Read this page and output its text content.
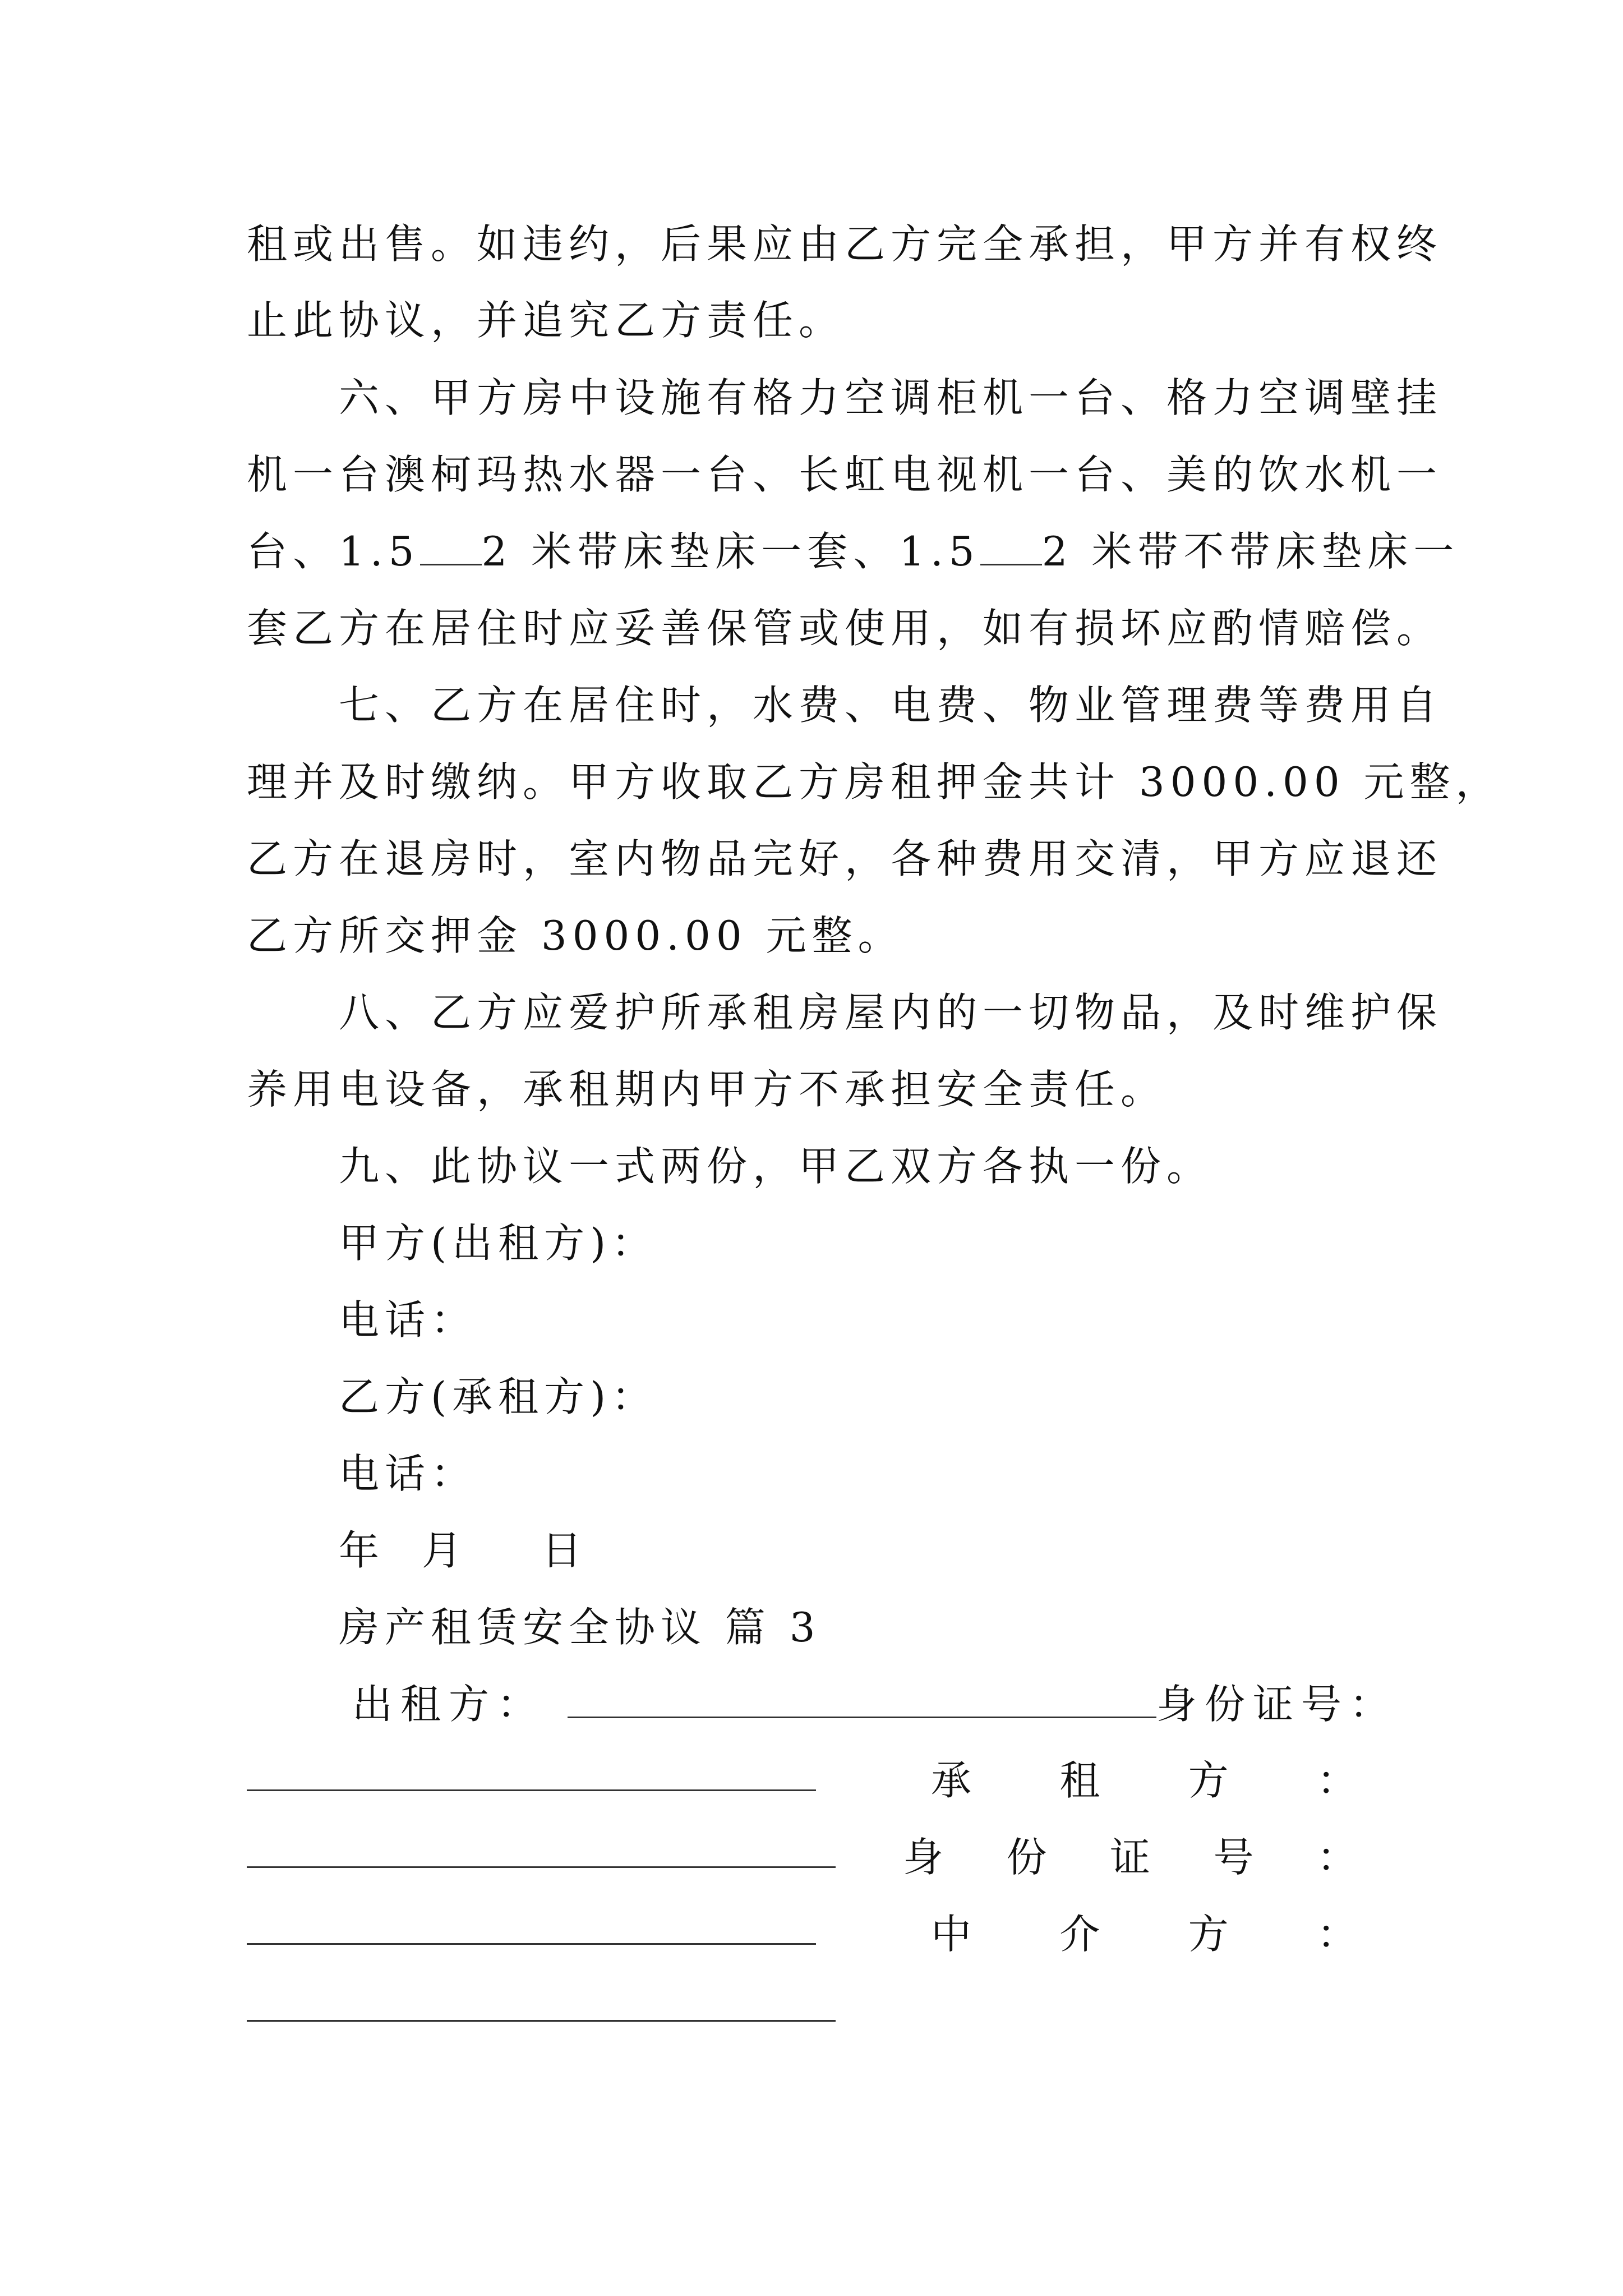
租或出售。如违约，后果应由乙方完全承担，甲方并有权终
止此协议，并追究乙方责任。
六、甲方房中设施有格力空调柜机一台、格力空调壁挂
机一台澳柯玛热水器一台、长虹电视机一台、美的饮水机一
台、1.5 2 米带床垫床一套、1.5 2 米带不带床垫床一
套乙方在居住时应妥善保管或使用，如有损坏应酌情赔偿。
七、乙方在居住时，水费、电费、物业管理费等费用自
理并及时缴纳。甲方收取乙方房租押金共计 3000.00 元整，
乙方在退房时，室内物品完好，各种费用交清，甲方应退还
乙方所交押金 3000.00 元整。
八、乙方应爱护所承租房屋内的一切物品，及时维护保
养用电设备，承租期内甲方不承担安全责任。
九、此协议一式两份，甲乙双方各执一份。
甲方(出租方)：
电话：
乙方(承租方)：
电话：
年  月    日
房产租赁安全协议 篇 3
出租方：	身份证号：
承 租 方 ：
身 份 证 号 ：
中 介 方 ：
